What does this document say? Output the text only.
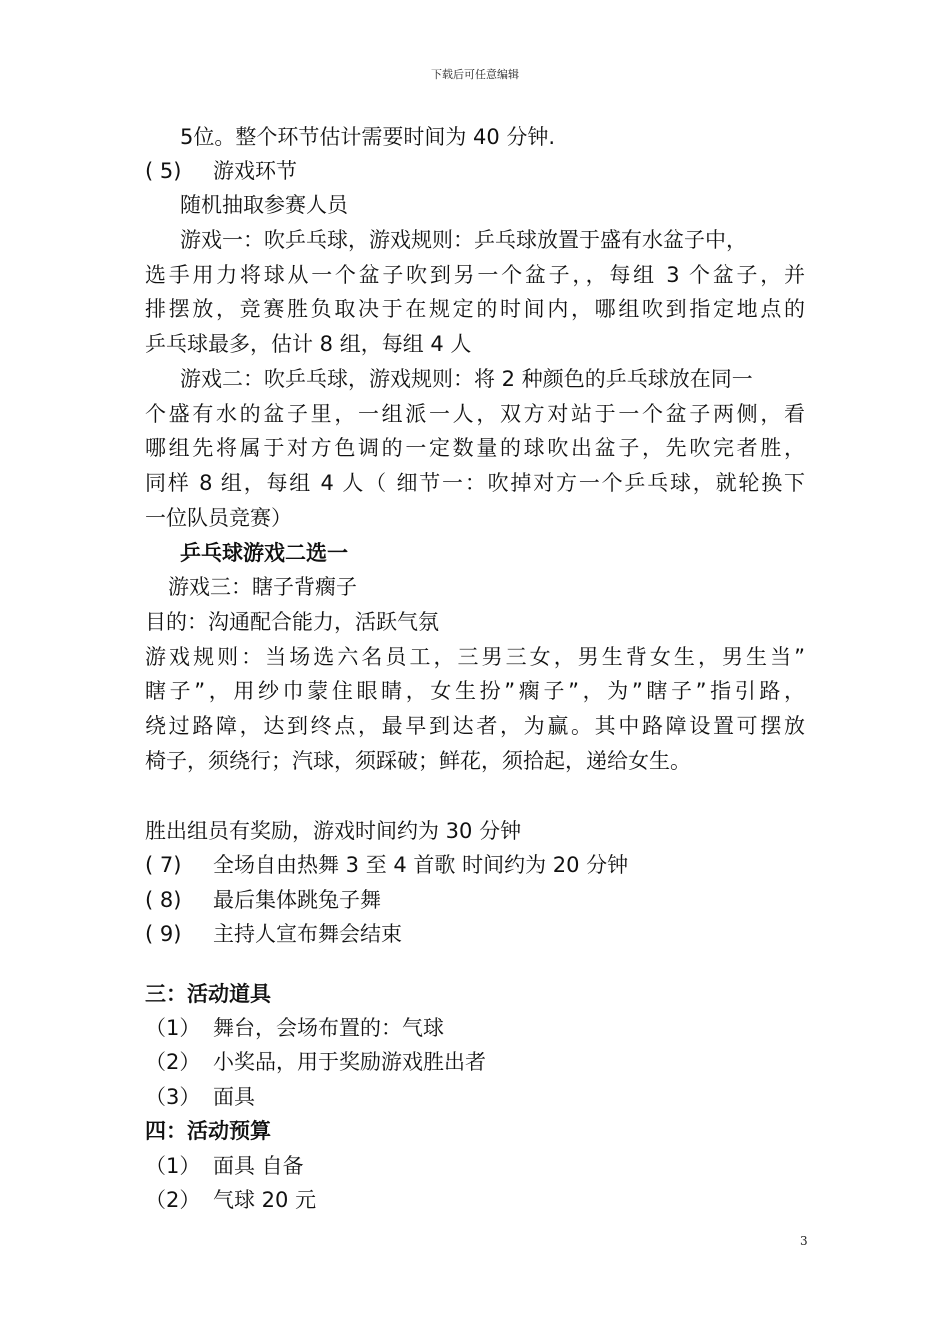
下载后可任意编辑
5位。整个环节估计需要时间为 40 分钟.
( 5) 游戏环节
随机抽取参赛人员
游戏一：吹乒乓球，游戏规则：乒乓球放置于盛有水盆子中，
选手用力将球从一个盆子吹到另一个盆子，，每组 3 个盆子，并
排摆放，竞赛胜负取决于在规定的时间内，哪组吹到指定地点的
乒乓球最多，估计 8 组，每组 4 人
游戏二：吹乒乓球，游戏规则：将 2 种颜色的乒乓球放在同一
个盛有水的盆子里，一组派一人，双方对站于一个盆子两侧，看
哪组先将属于对方色调的一定数量的球吹出盆子，先吹完者胜，
同样 8 组，每组 4 人（ 细节一：吹掉对方一个乒乓球，就轮换下
一位队员竞赛）
乒乓球游戏二选一
游戏三：瞎子背瘸子
目的：沟通配合能力，活跃气氛
游戏规则：当场选六名员工，三男三女，男生背女生，男生当”
瞎子”，用纱巾蒙住眼睛，女生扮”瘸子”，为”瞎子”指引路，
绕过路障，达到终点，最早到达者，为赢。其中路障设置可摆放
椅子，须绕行；汽球，须踩破；鲜花，须拾起，递给女生。
胜出组员有奖励，游戏时间约为 30 分钟
( 7) 全场自由热舞 3 至 4 首歌 时间约为 20 分钟
( 8) 最后集体跳兔子舞
( 9) 主持人宣布舞会结束
三：活动道具
（1） 舞台，会场布置的：气球
（2） 小奖品，用于奖励游戏胜出者
（3） 面具
四：活动预算
（1） 面具 自备
（2） 气球 20 元
3
